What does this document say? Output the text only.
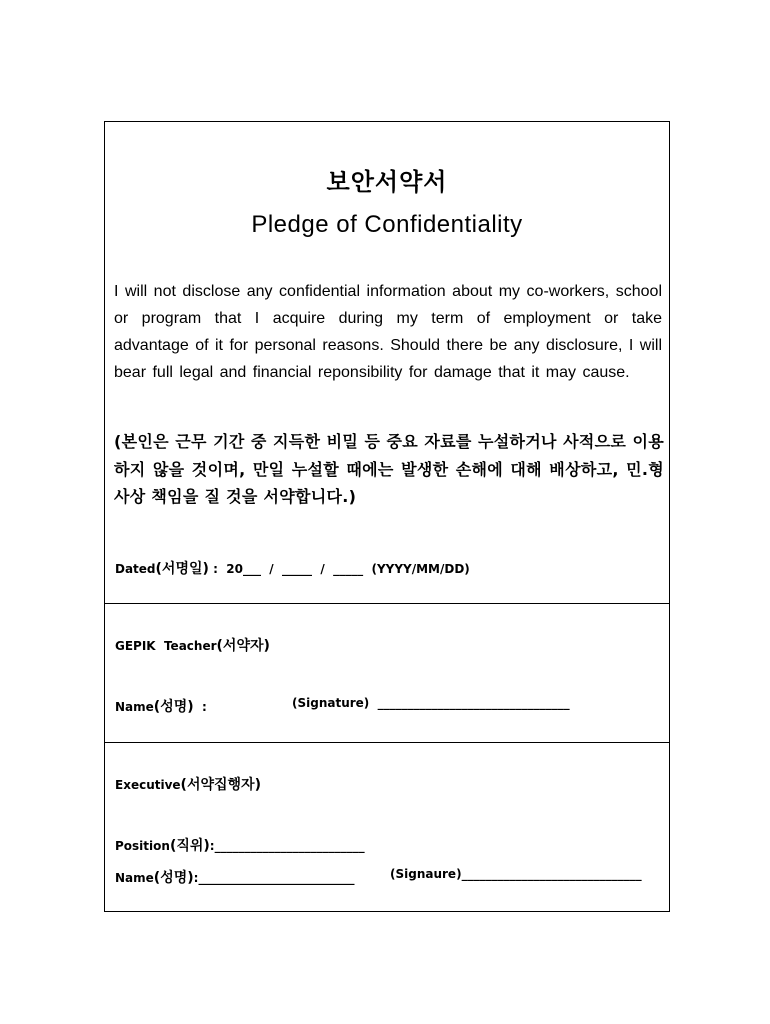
보안서약서
Pledge of Confidentiality

I will not disclose any confidential information about my co-workers, school or program that I acquire during my term of employment or take advantage of it for personal reasons. Should there be any disclosure, I will bear full legal and financial reponsibility for damage that it may cause.

(본인은 근무 기간 중 지득한 비밀 등 중요 자료를 누설하거나 사적으로 이용하지 않을 것이며, 만일 누설할 때에는 발생한 손해에 대해 배상하고, 민.형사상 책임을 질 것을 서약합니다.)

Dated(서명일) :  20___  /  _____  /  _____  (YYYY/MM/DD)
GEPIK  Teacher(서약자)
Name(성명)  :	(Signature)  ________________________________
Executive(서약집행자)
Position(직위):_________________________
Name(성명):__________________________	(Signaure)______________________________
